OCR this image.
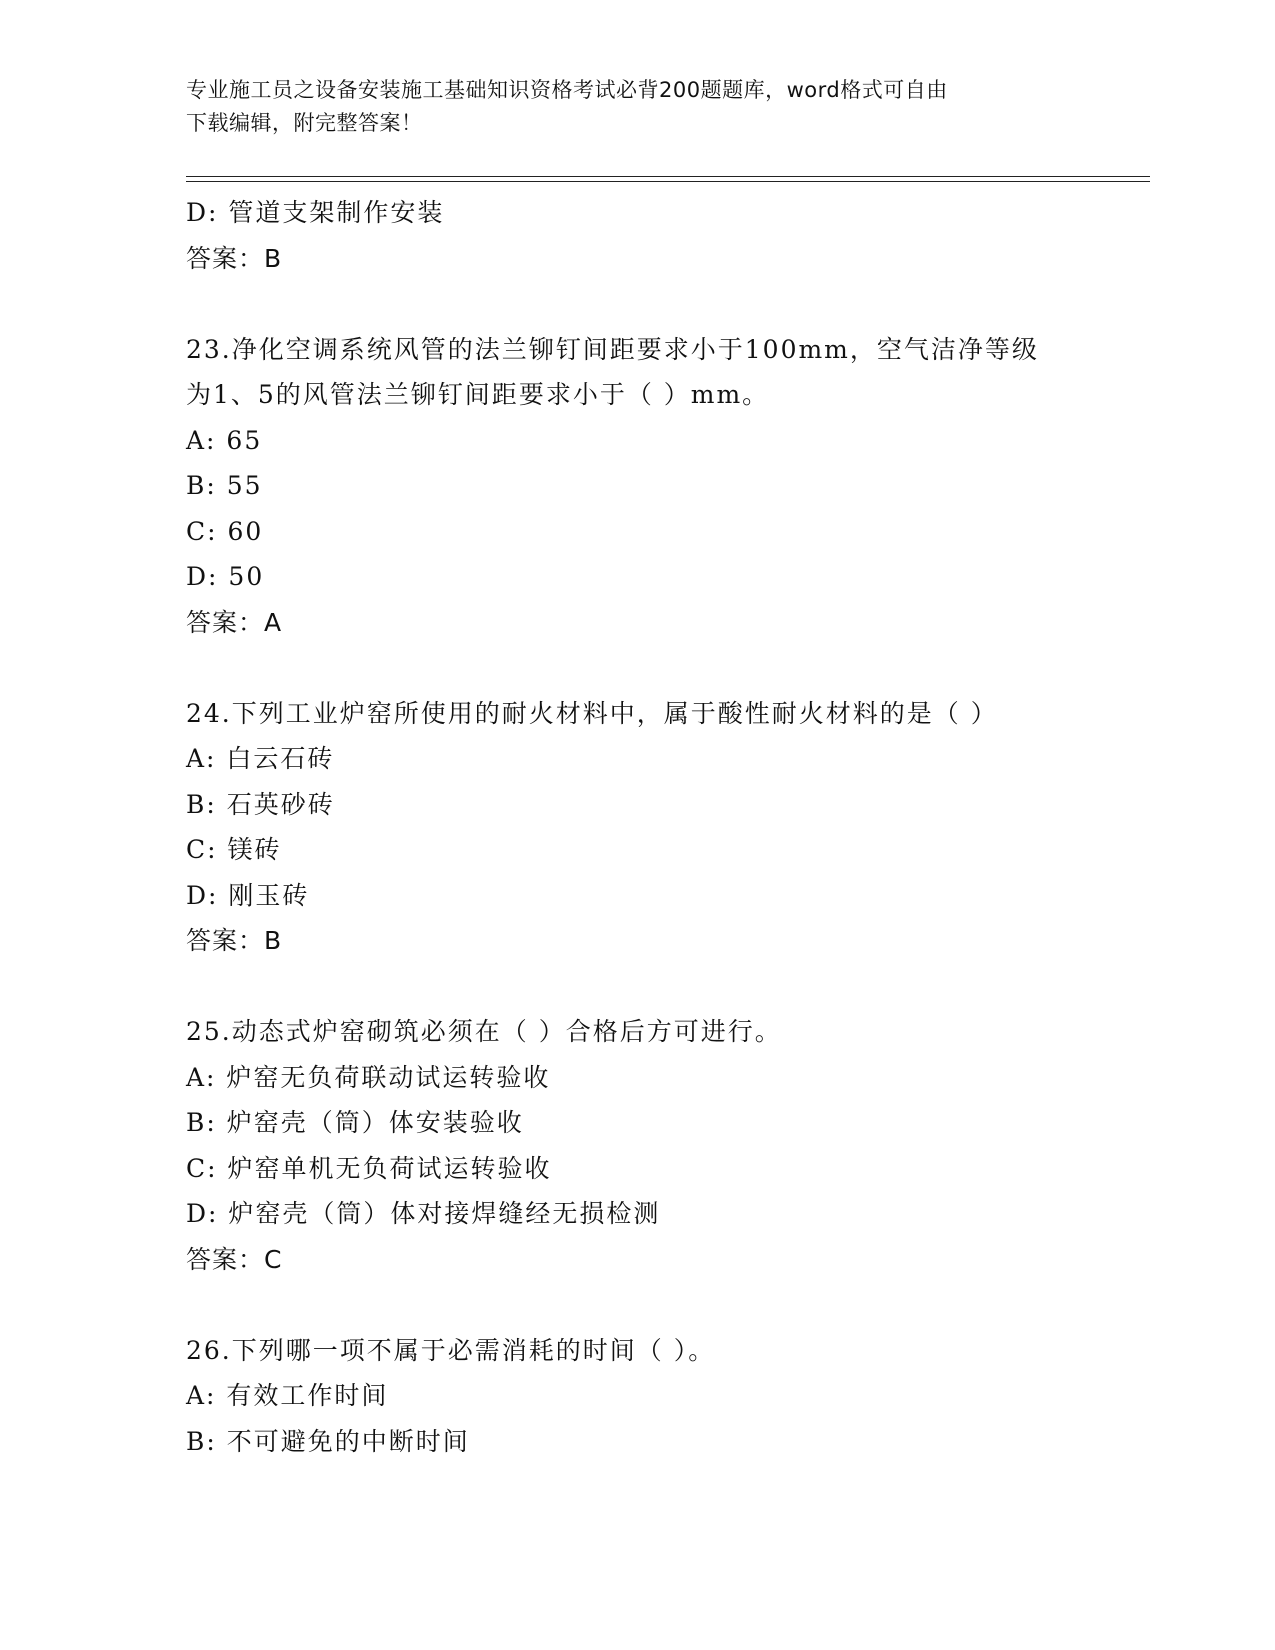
专业施工员之设备安装施工基础知识资格考试必背200题题库，word格式可自由
下载编辑，附完整答案！
D: 管道支架制作安装
答案：B
23.净化空调系统风管的法兰铆钉间距要求小于100mm，空气洁净等级
为1、5的风管法兰铆钉间距要求小于（ ）mm。
A: 65
B: 55
C: 60
D: 50
答案：A
24.下列工业炉窑所使用的耐火材料中，属于酸性耐火材料的是（ ）
A: 白云石砖
B: 石英砂砖
C: 镁砖
D: 刚玉砖
答案：B
25.动态式炉窑砌筑必须在（ ）合格后方可进行。
A: 炉窑无负荷联动试运转验收
B: 炉窑壳（筒）体安装验收
C: 炉窑单机无负荷试运转验收
D: 炉窑壳（筒）体对接焊缝经无损检测
答案：C
26.下列哪一项不属于必需消耗的时间（ ）。
A: 有效工作时间
B: 不可避免的中断时间
